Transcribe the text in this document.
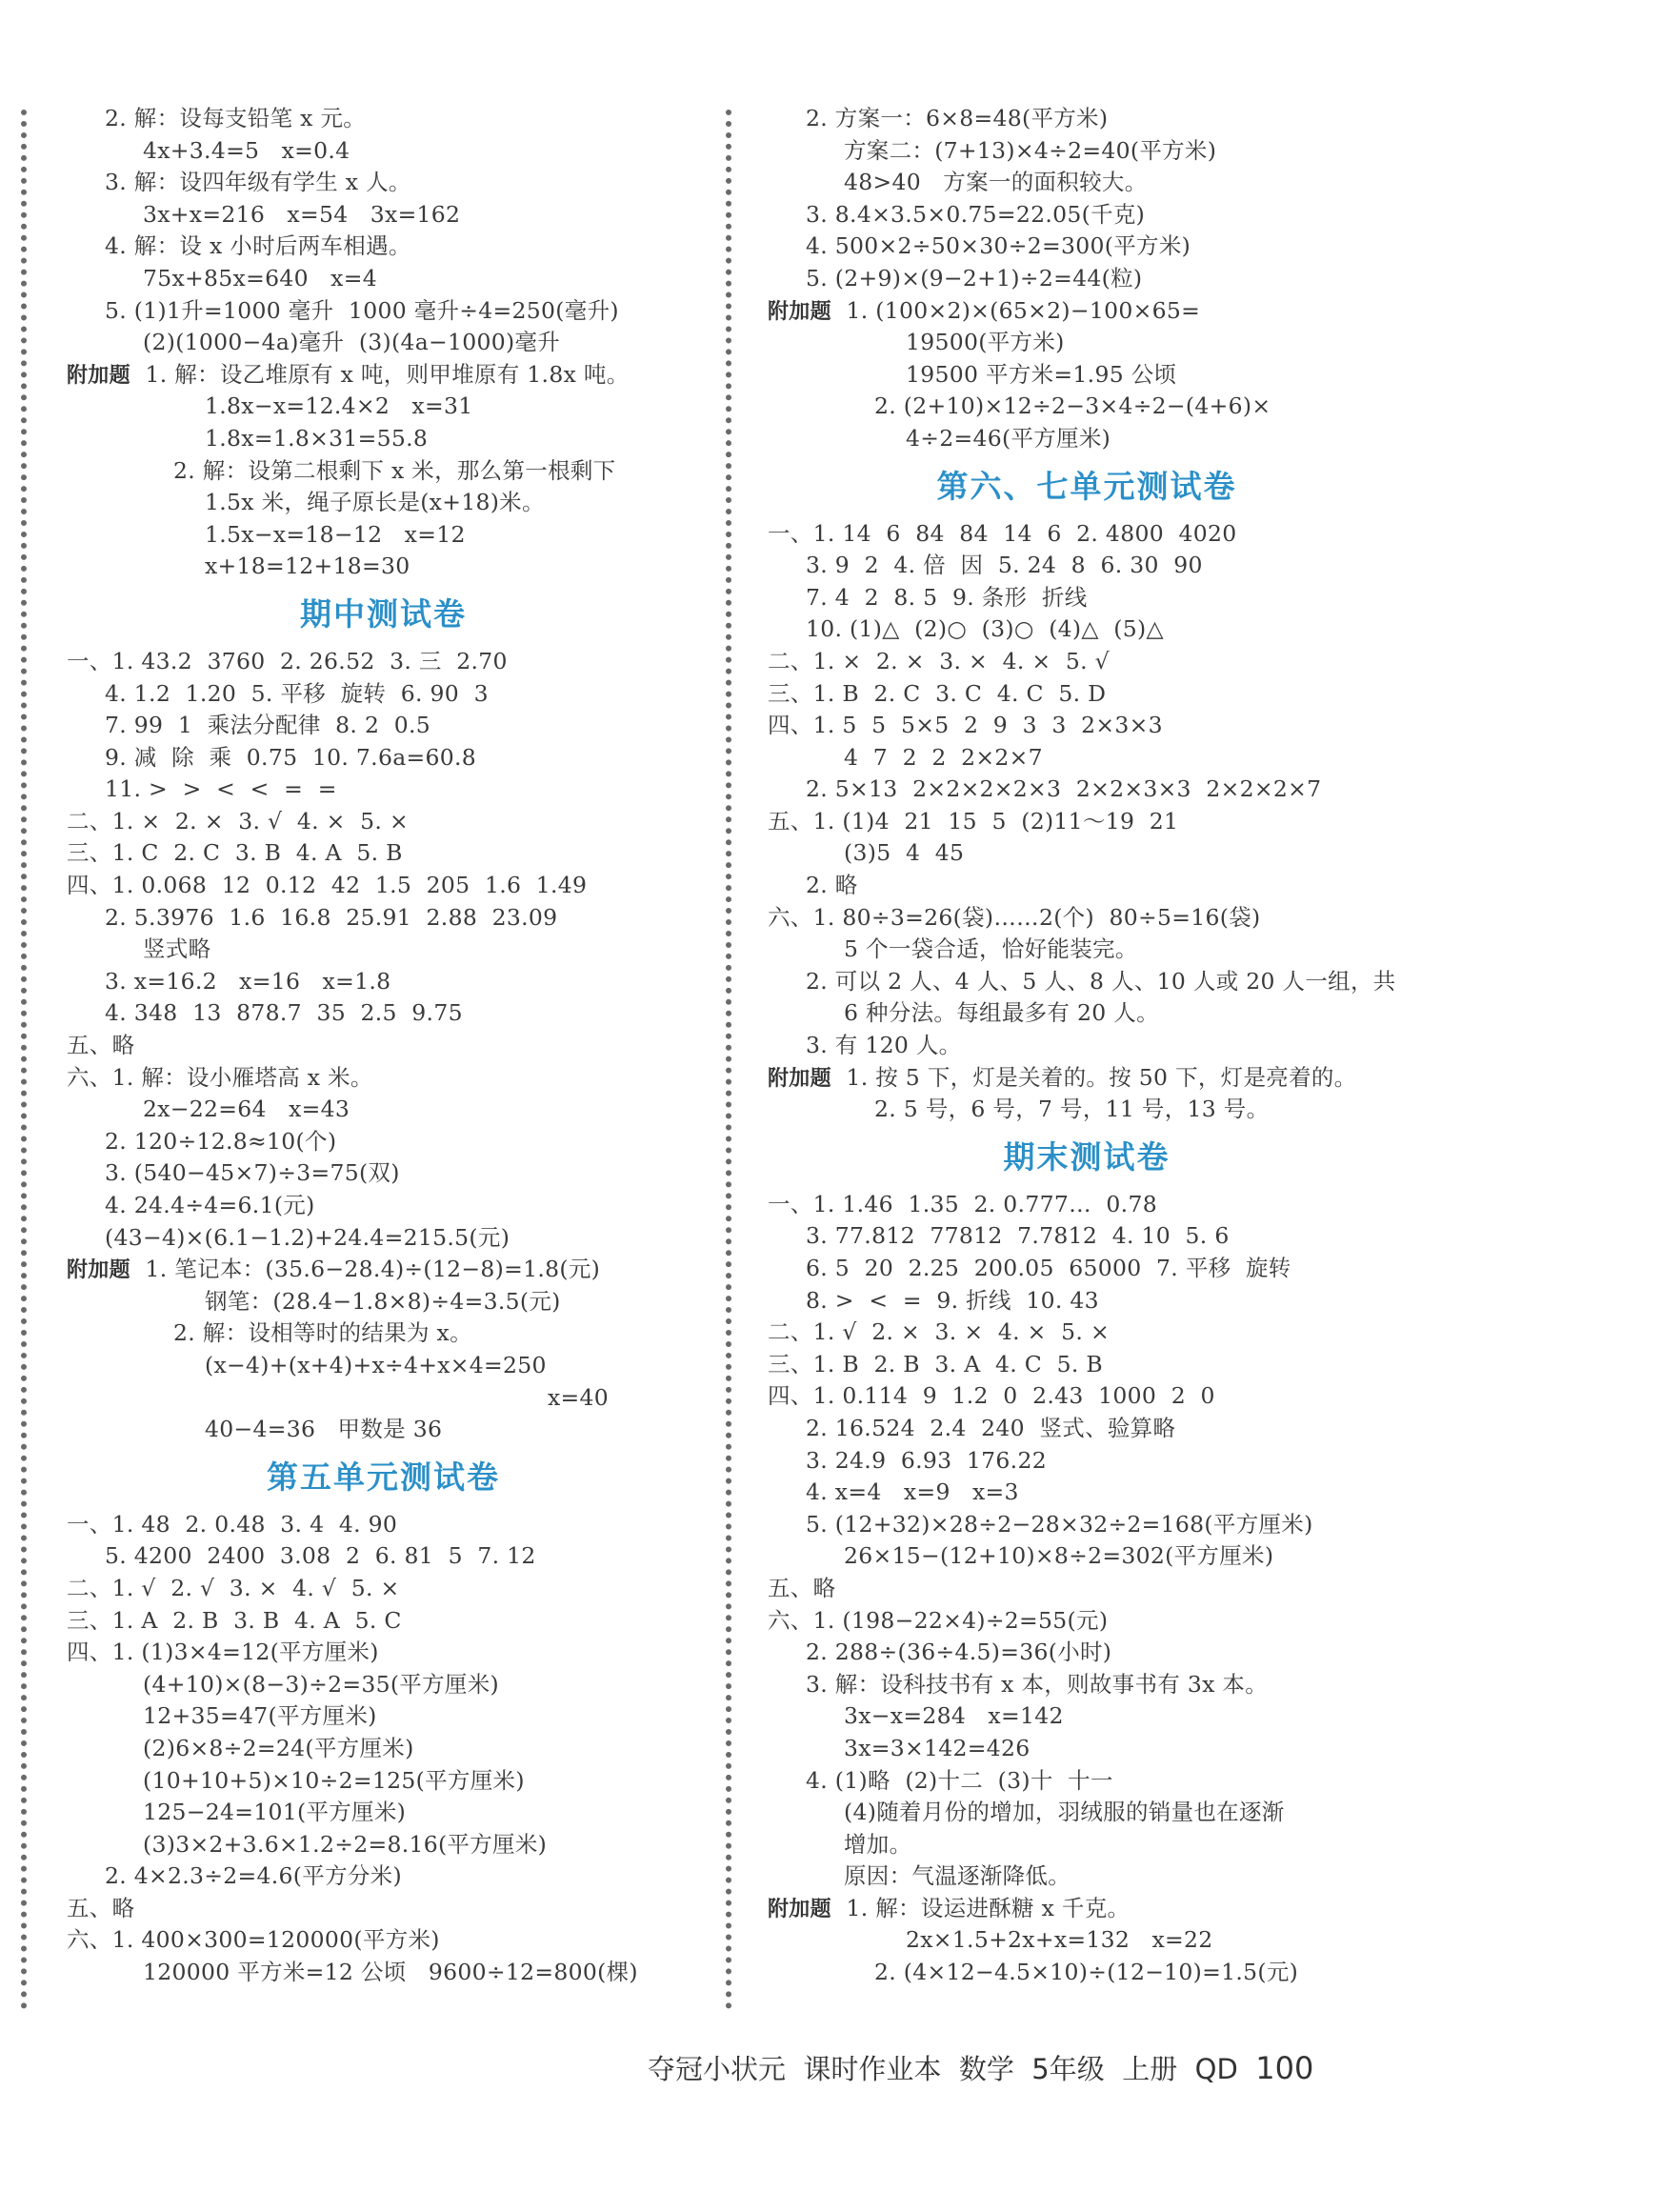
2. 解：设每支铅笔 x 元。
4x+3.4=5   x=0.4
3. 解：设四年级有学生 x 人。
3x+x=216   x=54   3x=162
4. 解：设 x 小时后两车相遇。
75x+85x=640   x=4
5. (1)1升=1000 毫升  1000 毫升÷4=250(毫升)
(2)(1000−4a)毫升  (3)(4a−1000)毫升
附加题  1. 解：设乙堆原有 x 吨，则甲堆原有 1.8x 吨。
1.8x−x=12.4×2   x=31
1.8x=1.8×31=55.8
2. 解：设第二根剩下 x 米，那么第一根剩下
1.5x 米，绳子原长是(x+18)米。
1.5x−x=18−12   x=12
x+18=12+18=30
期中测试卷
一、1. 43.2  3760  2. 26.52  3. 三  2.70
4. 1.2  1.20  5. 平移  旋转  6. 90  3
7. 99  1  乘法分配律  8. 2  0.5
9. 减  除  乘  0.75  10. 7.6a=60.8
11. >  >  <  <  =  =
二、1. ×  2. ×  3. √  4. ×  5. ×
三、1. C  2. C  3. B  4. A  5. B
四、1. 0.068  12  0.12  42  1.5  205  1.6  1.49
2. 5.3976  1.6  16.8  25.91  2.88  23.09
竖式略
3. x=16.2   x=16   x=1.8
4. 348  13  878.7  35  2.5  9.75
五、略
六、1. 解：设小雁塔高 x 米。
2x−22=64   x=43
2. 120÷12.8≈10(个)
3. (540−45×7)÷3=75(双)
4. 24.4÷4=6.1(元)
(43−4)×(6.1−1.2)+24.4=215.5(元)
附加题  1. 笔记本：(35.6−28.4)÷(12−8)=1.8(元)
钢笔：(28.4−1.8×8)÷4=3.5(元)
2. 解：设相等时的结果为 x。
(x−4)+(x+4)+x÷4+x×4=250
x=40
40−4=36   甲数是 36
第五单元测试卷
一、1. 48  2. 0.48  3. 4  4. 90
5. 4200  2400  3.08  2  6. 81  5  7. 12
二、1. √  2. √  3. ×  4. √  5. ×
三、1. A  2. B  3. B  4. A  5. C
四、1. (1)3×4=12(平方厘米)
(4+10)×(8−3)÷2=35(平方厘米)
12+35=47(平方厘米)
(2)6×8÷2=24(平方厘米)
(10+10+5)×10÷2=125(平方厘米)
125−24=101(平方厘米)
(3)3×2+3.6×1.2÷2=8.16(平方厘米)
2. 4×2.3÷2=4.6(平方分米)
五、略
六、1. 400×300=120000(平方米)
120000 平方米=12 公顷   9600÷12=800(棵)
2. 方案一：6×8=48(平方米)
方案二：(7+13)×4÷2=40(平方米)
48>40   方案一的面积较大。
3. 8.4×3.5×0.75=22.05(千克)
4. 500×2÷50×30÷2=300(平方米)
5. (2+9)×(9−2+1)÷2=44(粒)
附加题  1. (100×2)×(65×2)−100×65=
19500(平方米)
19500 平方米=1.95 公顷
2. (2+10)×12÷2−3×4÷2−(4+6)×
4÷2=46(平方厘米)
第六、七单元测试卷
一、1. 14  6  84  84  14  6  2. 4800  4020
3. 9  2  4. 倍  因  5. 24  8  6. 30  90
7. 4  2  8. 5  9. 条形  折线
10. (1)△  (2)○  (3)○  (4)△  (5)△
二、1. ×  2. ×  3. ×  4. ×  5. √
三、1. B  2. C  3. C  4. C  5. D
四、1. 5  5  5×5  2  9  3  3  2×3×3
4  7  2  2  2×2×7
2. 5×13  2×2×2×2×3  2×2×3×3  2×2×2×7
五、1. (1)4  21  15  5  (2)11～19  21
(3)5  4  45
2. 略
六、1. 80÷3=26(袋)……2(个)  80÷5=16(袋)
5 个一袋合适，恰好能装完。
2. 可以 2 人、4 人、5 人、8 人、10 人或 20 人一组，共
6 种分法。每组最多有 20 人。
3. 有 120 人。
附加题  1. 按 5 下，灯是关着的。按 50 下，灯是亮着的。
2. 5 号，6 号，7 号，11 号，13 号。
期末测试卷
一、1. 1.46  1.35  2. 0.777…  0.78
3. 77.812  77812  7.7812  4. 10  5. 6
6. 5  20  2.25  200.05  65000  7. 平移  旋转
8. >  <  =  9. 折线  10. 43
二、1. √  2. ×  3. ×  4. ×  5. ×
三、1. B  2. B  3. A  4. C  5. B
四、1. 0.114  9  1.2  0  2.43  1000  2  0
2. 16.524  2.4  240  竖式、验算略
3. 24.9  6.93  176.22
4. x=4   x=9   x=3
5. (12+32)×28÷2−28×32÷2=168(平方厘米)
26×15−(12+10)×8÷2=302(平方厘米)
五、略
六、1. (198−22×4)÷2=55(元)
2. 288÷(36÷4.5)=36(小时)
3. 解：设科技书有 x 本，则故事书有 3x 本。
3x−x=284   x=142
3x=3×142=426
4. (1)略  (2)十二  (3)十  十一
(4)随着月份的增加，羽绒服的销量也在逐渐
增加。
原因：气温逐渐降低。
附加题  1. 解：设运进酥糖 x 千克。
2x×1.5+2x+x=132   x=22
2. (4×12−4.5×10)÷(12−10)=1.5(元)
夺冠小状元  课时作业本  数学  5年级  上册  QD 100
